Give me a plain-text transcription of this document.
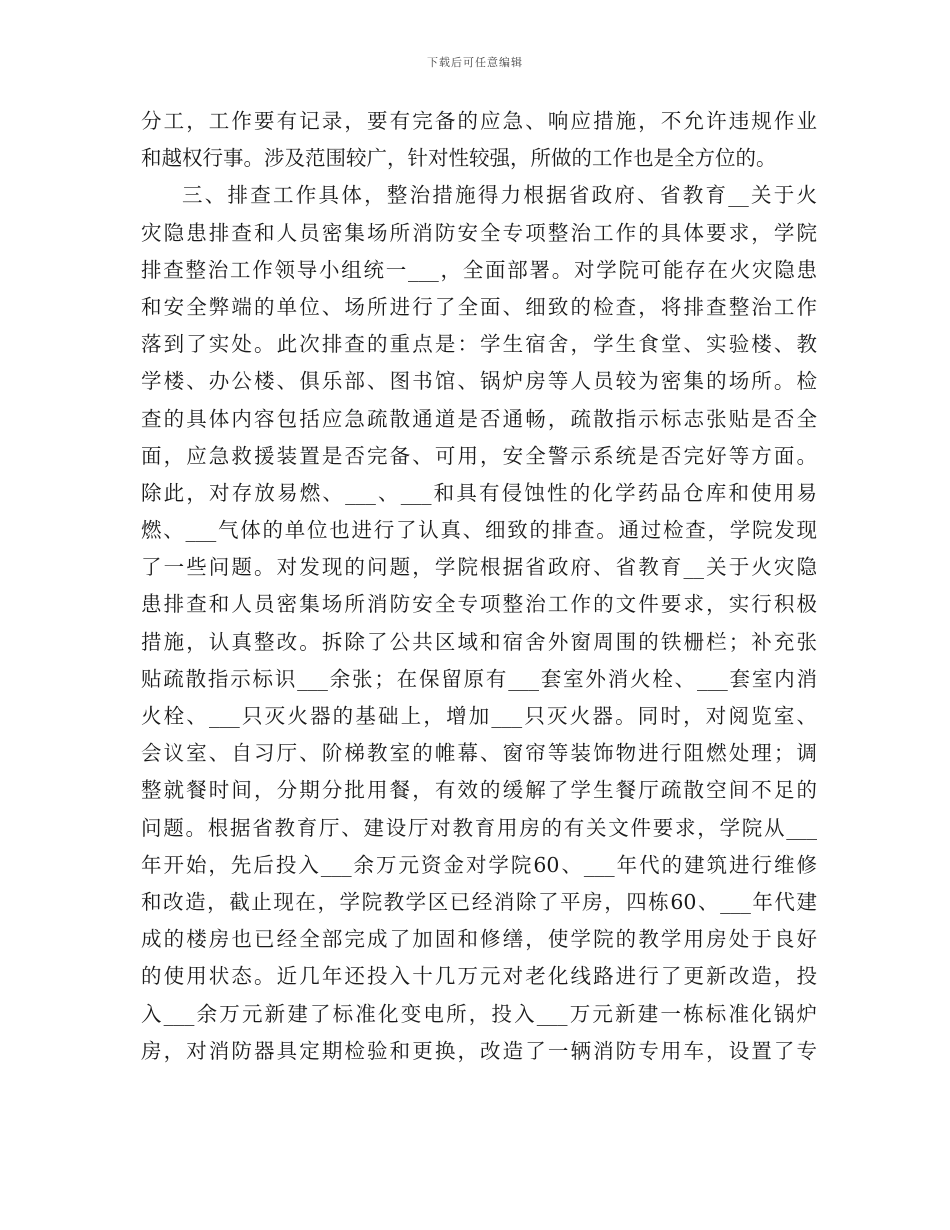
下载后可任意编辑
分工，工作要有记录，要有完备的应急、响应措施，不允许违规作业
和越权行事。涉及范围较广，针对性较强，所做的工作也是全方位的。
三、排查工作具体，整治措施得力根据省政府、省教育__关于火
灾隐患排查和人员密集场所消防安全专项整治工作的具体要求，学院
排查整治工作领导小组统一___，全面部署。对学院可能存在火灾隐患
和安全弊端的单位、场所进行了全面、细致的检查，将排查整治工作
落到了实处。此次排查的重点是：学生宿舍，学生食堂、实验楼、教
学楼、办公楼、俱乐部、图书馆、锅炉房等人员较为密集的场所。检
查的具体内容包括应急疏散通道是否通畅，疏散指示标志张贴是否全
面，应急救援装置是否完备、可用，安全警示系统是否完好等方面。
除此，对存放易燃、___、___和具有侵蚀性的化学药品仓库和使用易
燃、___气体的单位也进行了认真、细致的排查。通过检查，学院发现
了一些问题。对发现的问题，学院根据省政府、省教育__关于火灾隐
患排查和人员密集场所消防安全专项整治工作的文件要求，实行积极
措施，认真整改。拆除了公共区域和宿舍外窗周围的铁栅栏；补充张
贴疏散指示标识___余张；在保留原有___套室外消火栓、___套室内消
火栓、___只灭火器的基础上，增加___只灭火器。同时，对阅览室、
会议室、自习厅、阶梯教室的帷幕、窗帘等装饰物进行阻燃处理；调
整就餐时间，分期分批用餐，有效的缓解了学生餐厅疏散空间不足的
问题。根据省教育厅、建设厅对教育用房的有关文件要求，学院从___
年开始，先后投入___余万元资金对学院60、___年代的建筑进行维修
和改造，截止现在，学院教学区已经消除了平房，四栋60、___年代建
成的楼房也已经全部完成了加固和修缮，使学院的教学用房处于良好
的使用状态。近几年还投入十几万元对老化线路进行了更新改造，投
入___余万元新建了标准化变电所，投入___万元新建一栋标准化锅炉
房，对消防器具定期检验和更换，改造了一辆消防专用车，设置了专
